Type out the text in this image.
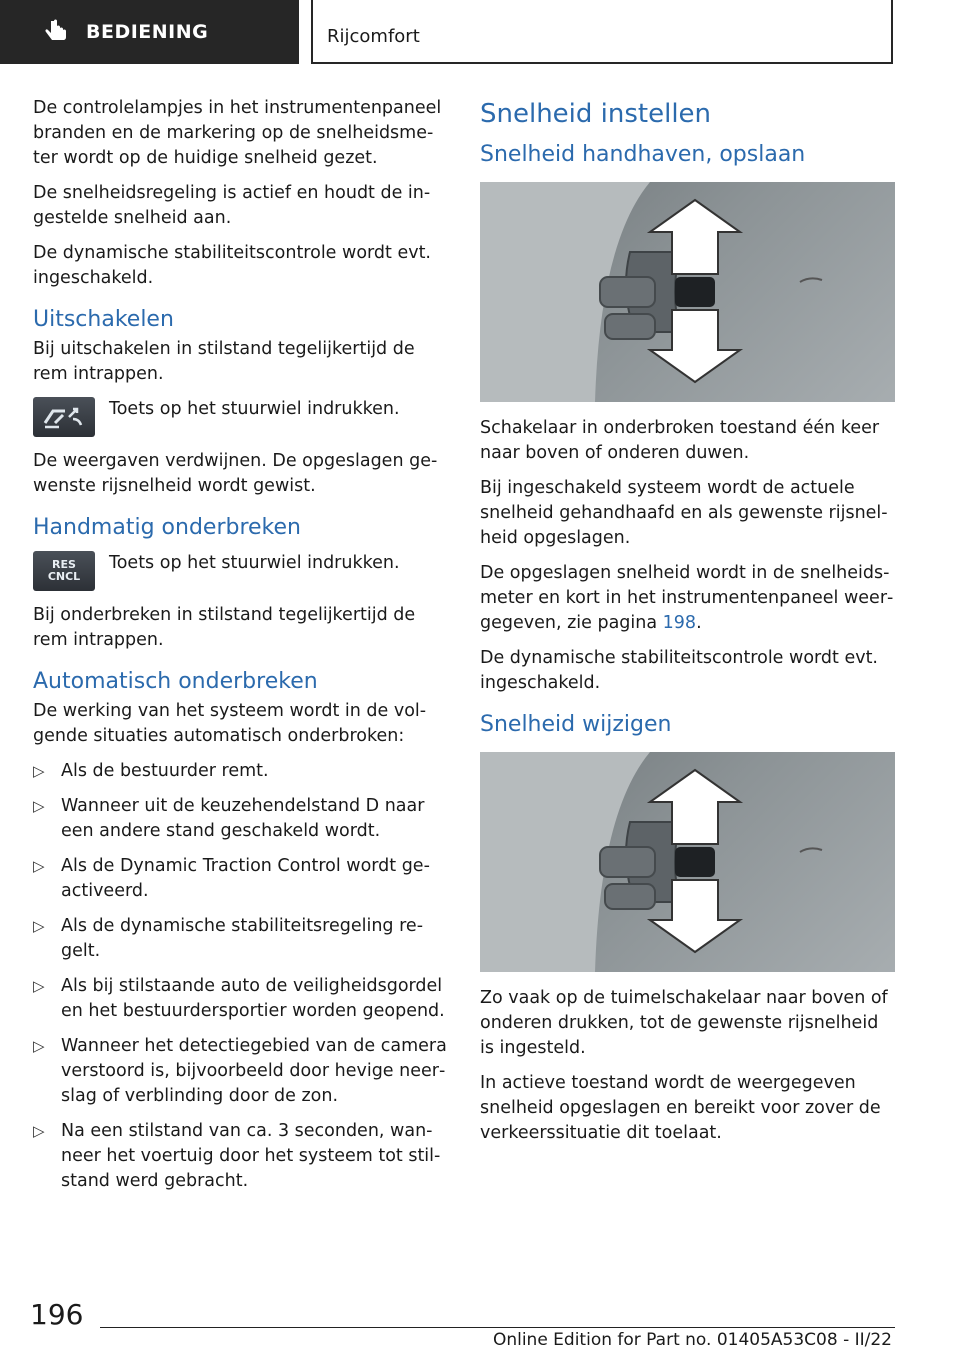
BEDIENING	Rijcomfort

De controlelampjes in het instrumentenpaneel branden en de markering op de snelheidsmeter wordt op de huidige snelheid gezet.

De snelheidsregeling is actief en houdt de ingestelde snelheid aan.

De dynamische stabiliteitscontrole wordt evt. ingeschakeld.

Uitschakelen

Bij uitschakelen in stilstand tegelijkertijd de rem intrappen.

Toets op het stuurwiel indrukken.

De weergaven verdwijnen. De opgeslagen gewenste rijsnelheid wordt gewist.

Handmatig onderbreken
RES
CNCL
Toets op het stuurwiel indrukken.

Bij onderbreken in stilstand tegelijkertijd de rem intrappen.

Automatisch onderbreken

De werking van het systeem wordt in de volgende situaties automatisch onderbroken:

▷ Als de bestuurder remt.
▷ Wanneer uit de keuzehendelstand D naar een andere stand geschakeld wordt.
▷ Als de Dynamic Traction Control wordt geactiveerd.
▷ Als de dynamische stabiliteitsregeling regelt.
▷ Als bij stilstaande auto de veiligheidsgordel en het bestuurdersportier worden geopend.
▷ Wanneer het detectiegebied van de camera verstoord is, bijvoorbeeld door hevige neerslag of verblinding door de zon.
▷ Na een stilstand van ca. 3 seconden, wanneer het voertuig door het systeem tot stilstand werd gebracht.
Snelheid instellen
Snelheid handhaven, opslaan

Schakelaar in onderbroken toestand één keer naar boven of onderen duwen.

Bij ingeschakeld systeem wordt de actuele snelheid gehandhaafd en als gewenste rijsnelheid opgeslagen.

De opgeslagen snelheid wordt in de snelheidsmeter en kort in het instrumentenpaneel weergegeven, zie pagina 198.

De dynamische stabiliteitscontrole wordt evt. ingeschakeld.

Snelheid wijzigen

Zo vaak op de tuimelschakelaar naar boven of onderen drukken, tot de gewenste rijsnelheid is ingesteld.

In actieve toestand wordt de weergegeven snelheid opgeslagen en bereikt voor zover de verkeerssituatie dit toelaat.

196
Online Edition for Part no. 01405A53C08 - II/22
